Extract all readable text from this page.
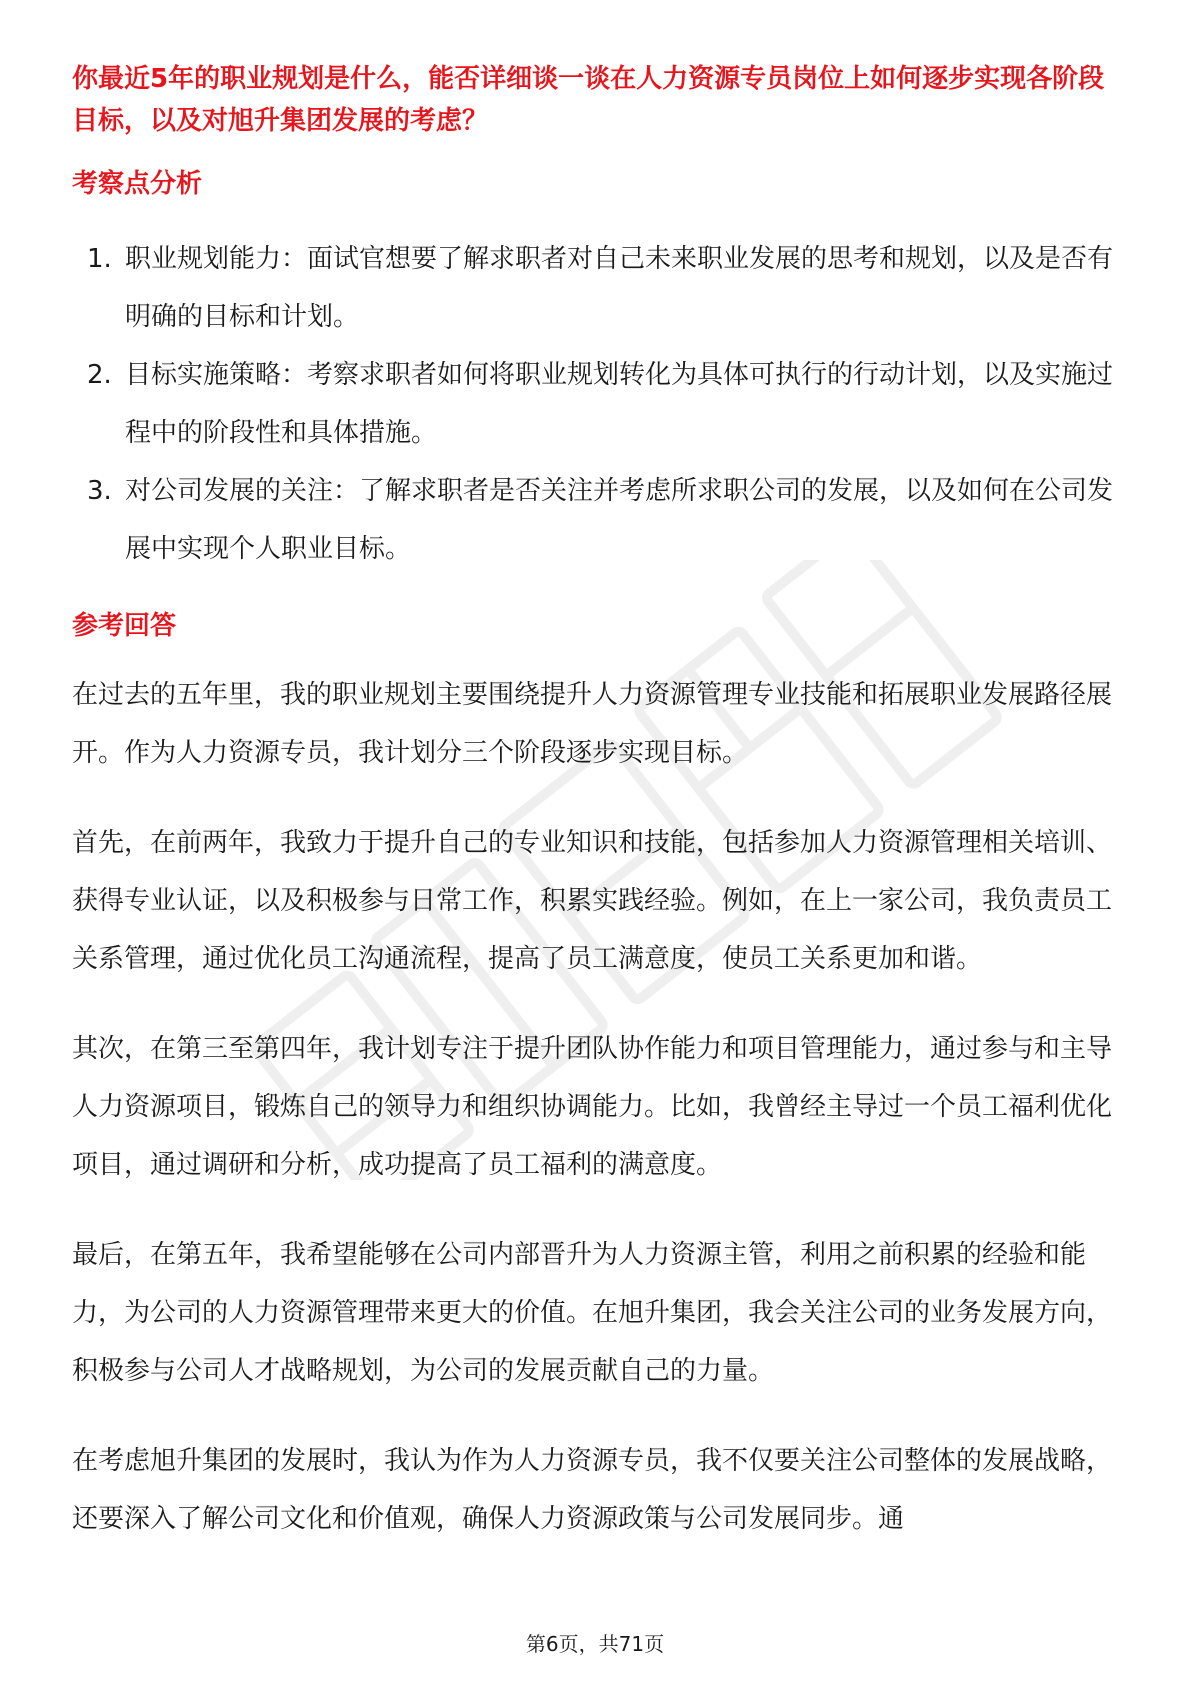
你最近5年的职业规划是什么，能否详细谈一谈在人力资源专员岗位上如何逐步实现各阶段目标，以及对旭升集团发展的考虑？

考察点分析
1. 职业规划能力：面试官想要了解求职者对自己未来职业发展的思考和规划，以及是否有明确的目标和计划。
2. 目标实施策略：考察求职者如何将职业规划转化为具体可执行的行动计划，以及实施过程中的阶段性和具体措施。
3. 对公司发展的关注：了解求职者是否关注并考虑所求职公司的发展，以及如何在公司发展中实现个人职业目标。
参考回答

在过去的五年里，我的职业规划主要围绕提升人力资源管理专业技能和拓展职业发展路径展开。作为人力资源专员，我计划分三个阶段逐步实现目标。

首先，在前两年，我致力于提升自己的专业知识和技能，包括参加人力资源管理相关培训、获得专业认证，以及积极参与日常工作，积累实践经验。例如，在上一家公司，我负责员工关系管理，通过优化员工沟通流程，提高了员工满意度，使员工关系更加和谐。

其次，在第三至第四年，我计划专注于提升团队协作能力和项目管理能力，通过参与和主导人力资源项目，锻炼自己的领导力和组织协调能力。比如，我曾经主导过一个员工福利优化项目，通过调研和分析，成功提高了员工福利的满意度。

最后，在第五年，我希望能够在公司内部晋升为人力资源主管，利用之前积累的经验和能力，为公司的人力资源管理带来更大的价值。在旭升集团，我会关注公司的业务发展方向，积极参与公司人才战略规划，为公司的发展贡献自己的力量。

在考虑旭升集团的发展时，我认为作为人力资源专员，我不仅要关注公司整体的发展战略，还要深入了解公司文化和价值观，确保人力资源政策与公司发展同步。通

第6页，共71页
